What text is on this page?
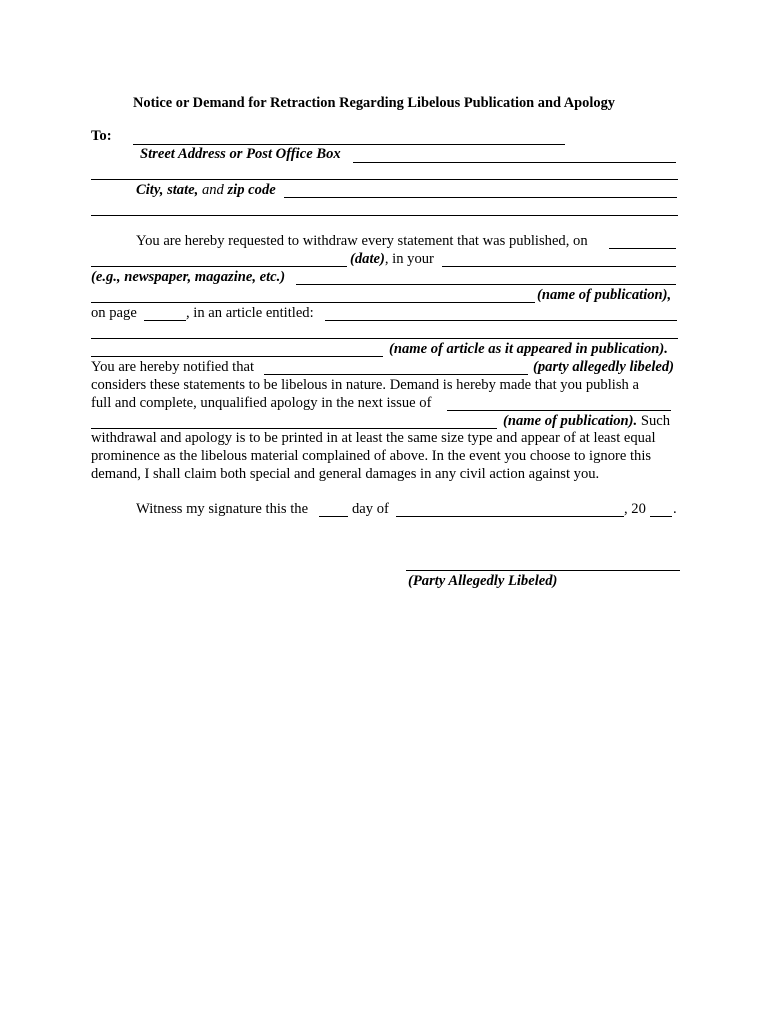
Notice or Demand for Retraction Regarding Libelous Publication and Apology
To:
Street Address or Post Office Box
City, state, and zip code
You are hereby requested to withdraw every statement that was published, on
(date), in your
(e.g., newspaper, magazine, etc.)
(name of publication),
on page	, in an article entitled:
(name of article as it appeared in publication).
You are hereby notified that	(party allegedly libeled)
considers these statements to be libelous in nature. Demand is hereby made that you publish a
full and complete, unqualified apology in the next issue of
(name of publication). Such
withdrawal and apology is to be printed in at least the same size type and appear of at least equal
prominence as the libelous material complained of above. In the event you choose to ignore this
demand, I shall claim both special and general damages in any civil action against you.
Witness my signature this the	day of	, 20 .
(Party Allegedly Libeled)
